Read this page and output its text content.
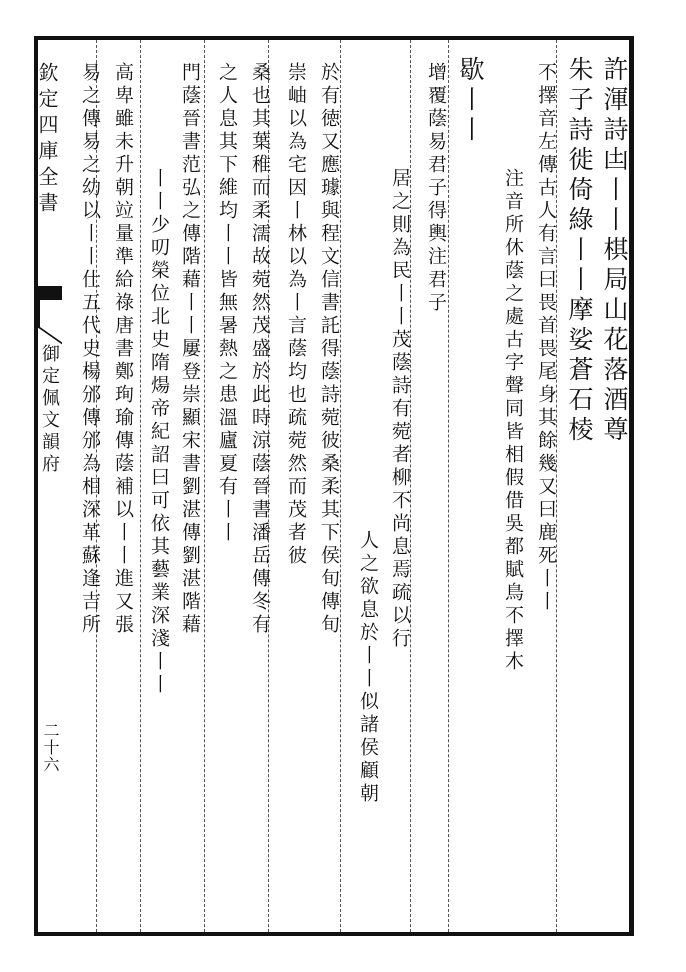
欽定四庫全書
御定佩文韻府
二十六
許渾詩凷丨丨棋局山花落酒尊
朱子詩徙倚綠丨丨摩娑蒼石棱
不擇音左傳古人有言曰畏首畏尾身其餘幾又曰鹿死丨丨
注音所休蔭之處古字聲同皆相假借吳都賦鳥不擇木
歇丨丨
增覆蔭易君子得輿注君子
居之則為民丨丨茂蔭詩有菀者柳不尚息焉疏以行
人之欲息於丨丨似諸侯顧朝
於有徳又應璩與程文信書託得蔭詩菀彼桑柔其下侯旬傳旬
崇岫以為宅因丨林以為丨言蔭均也疏菀然而茂者彼
桑也其葉稚而柔濡故菀然茂盛於此時涼蔭晉書潘岳傳冬有
之人息其下維均丨丨皆無暑熱之患溫廬夏有丨丨
門蔭晉書范弘之傳階藉丨丨屢登崇顯宋書劉湛傳劉湛階藉
丨丨少叨榮位北史隋煬帝紀詔曰可依其藝業深淺丨丨
高卑雖未升朝竝量準給祿唐書鄭珣瑜傳蔭補以丨丨進又張
易之傳易之幼以丨丨仕五代史楊邠傳邠為相深革蘇逢吉所
